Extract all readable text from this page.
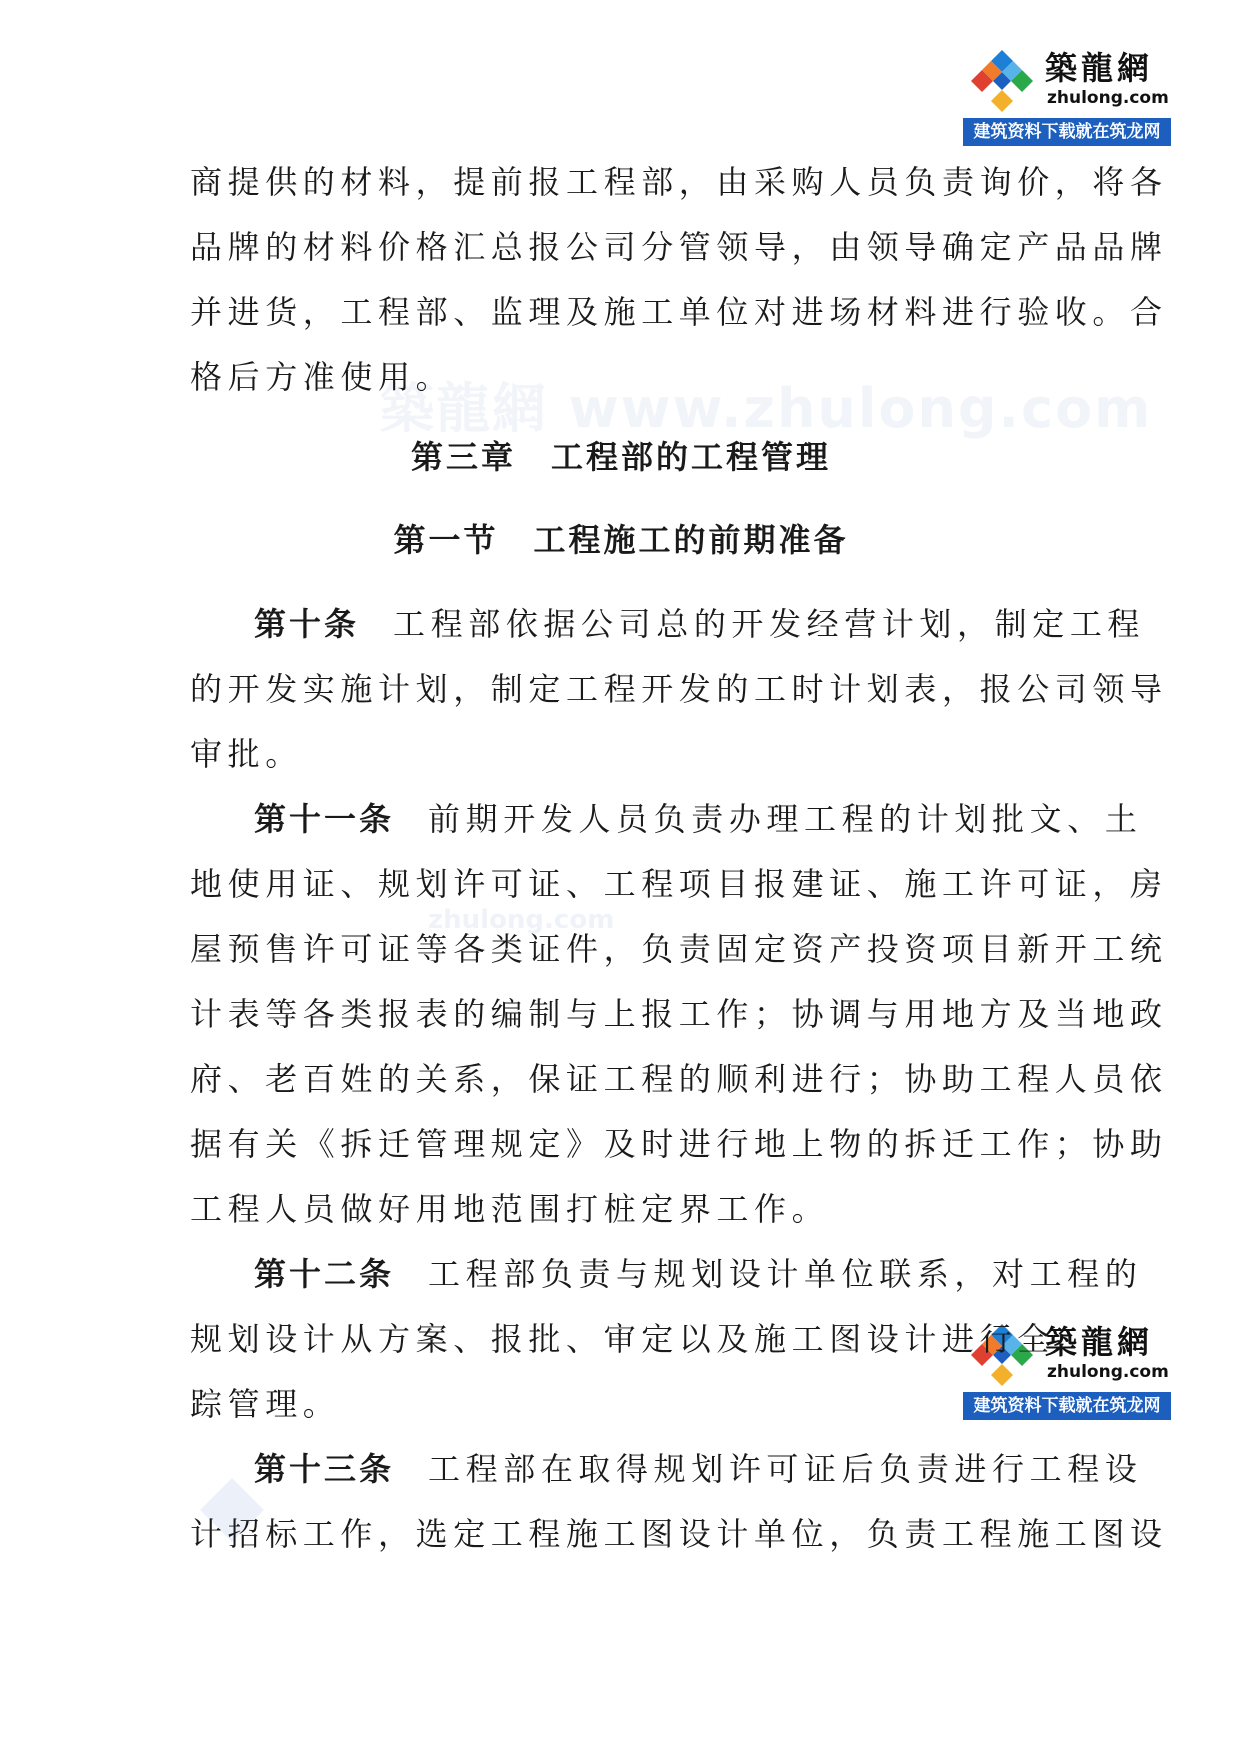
築龍網 www.zhulong.com
zhulong.com
築龍網
zhulong.com
建筑资料下载就在筑龙网
築龍網
zhulong.com
建筑资料下载就在筑龙网
商提供的材料，提前报工程部，由采购人员负责询价，将各
品牌的材料价格汇总报公司分管领导，由领导确定产品品牌
并进货，工程部、监理及施工单位对进场材料进行验收。合
格后方准使用。
第三章　工程部的工程管理
第一节　工程施工的前期准备
第十条 工程部依据公司总的开发经营计划，制定工程
的开发实施计划，制定工程开发的工时计划表，报公司领导
审批。
第十一条 前期开发人员负责办理工程的计划批文、土
地使用证、规划许可证、工程项目报建证、施工许可证，房
屋预售许可证等各类证件，负责固定资产投资项目新开工统
计表等各类报表的编制与上报工作；协调与用地方及当地政
府、老百姓的关系，保证工程的顺利进行；协助工程人员依
据有关《拆迁管理规定》及时进行地上物的拆迁工作；协助
工程人员做好用地范围打桩定界工作。
第十二条 工程部负责与规划设计单位联系，对工程的
规划设计从方案、报批、审定以及施工图设计进行全
踪管理。
第十三条 工程部在取得规划许可证后负责进行工程设
计招标工作，选定工程施工图设计单位，负责工程施工图设
